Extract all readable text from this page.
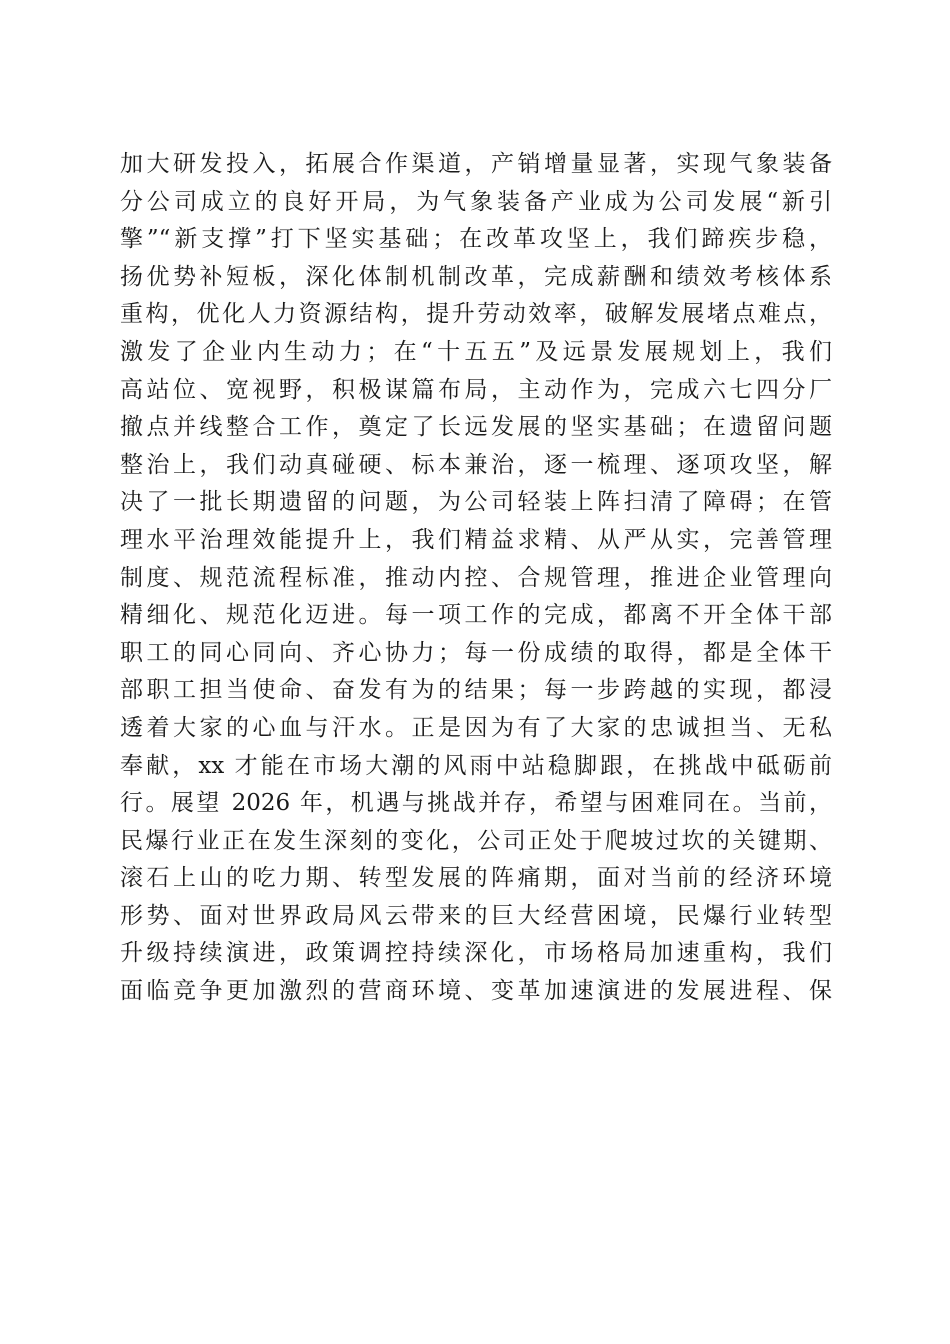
加大研发投入，拓展合作渠道，产销增量显著，实现气象装备
分公司成立的良好开局，为气象装备产业成为公司发展“新引
擎”“新支撑”打下坚实基础；在改革攻坚上，我们蹄疾步稳，
扬优势补短板，深化体制机制改革，完成薪酬和绩效考核体系
重构，优化人力资源结构，提升劳动效率，破解发展堵点难点，
激发了企业内生动力；在“十五五”及远景发展规划上，我们
高站位、宽视野，积极谋篇布局，主动作为，完成六七四分厂
撤点并线整合工作，奠定了长远发展的坚实基础；在遗留问题
整治上，我们动真碰硬、标本兼治，逐一梳理、逐项攻坚，解
决了一批长期遗留的问题，为公司轻装上阵扫清了障碍；在管
理水平治理效能提升上，我们精益求精、从严从实，完善管理
制度、规范流程标准，推动内控、合规管理，推进企业管理向
精细化、规范化迈进。每一项工作的完成，都离不开全体干部
职工的同心同向、齐心协力；每一份成绩的取得，都是全体干
部职工担当使命、奋发有为的结果；每一步跨越的实现，都浸
透着大家的心血与汗水。正是因为有了大家的忠诚担当、无私
奉献，xx 才能在市场大潮的风雨中站稳脚跟，在挑战中砥砺前
行。展望 2026 年，机遇与挑战并存，希望与困难同在。当前，
民爆行业正在发生深刻的变化，公司正处于爬坡过坎的关键期、
滚石上山的吃力期、转型发展的阵痛期，面对当前的经济环境
形势、面对世界政局风云带来的巨大经营困境，民爆行业转型
升级持续演进，政策调控持续深化，市场格局加速重构，我们
面临竞争更加激烈的营商环境、变革加速演进的发展进程、保
